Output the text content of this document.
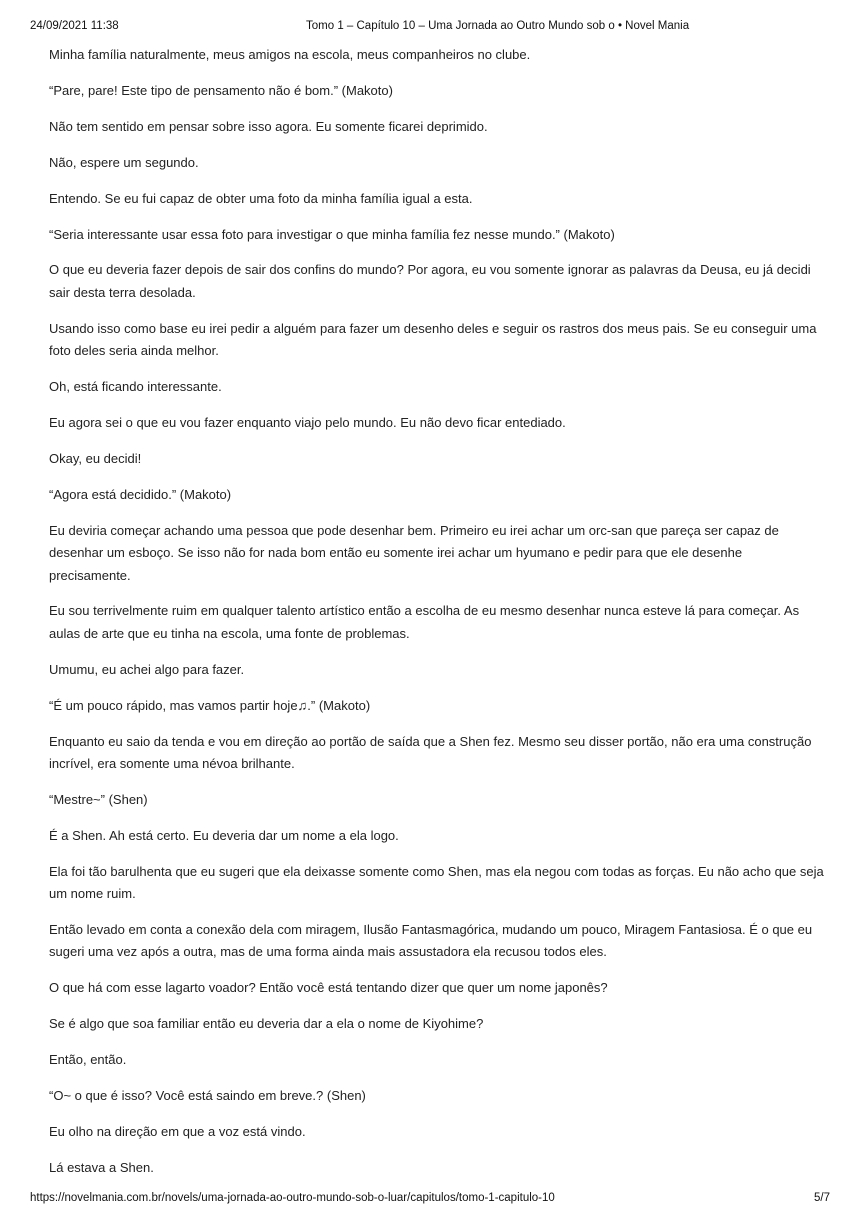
24/09/2021 11:38	Tomo 1 – Capítulo 10 – Uma Jornada ao Outro Mundo sob o • Novel Mania

Minha família naturalmente, meus amigos na escola, meus companheiros no clube.

“Pare, pare! Este tipo de pensamento não é bom.” (Makoto)

Não tem sentido em pensar sobre isso agora. Eu somente ficarei deprimido.

Não, espere um segundo.

Entendo. Se eu fui capaz de obter uma foto da minha família igual a esta.

“Seria interessante usar essa foto para investigar o que minha família fez nesse mundo.” (Makoto)

O que eu deveria fazer depois de sair dos confins do mundo? Por agora, eu vou somente ignorar as palavras da Deusa, eu já decidi sair desta terra desolada.

Usando isso como base eu irei pedir a alguém para fazer um desenho deles e seguir os rastros dos meus pais. Se eu conseguir uma foto deles seria ainda melhor.

Oh, está ficando interessante.

Eu agora sei o que eu vou fazer enquanto viajo pelo mundo. Eu não devo ficar entediado.

Okay, eu decidi!

“Agora está decidido.” (Makoto)

Eu deviria começar achando uma pessoa que pode desenhar bem. Primeiro eu irei achar um orc-san que pareça ser capaz de desenhar um esboço. Se isso não for nada bom então eu somente irei achar um hyumano e pedir para que ele desenhe precisamente.

Eu sou terrivelmente ruim em qualquer talento artístico então a escolha de eu mesmo desenhar nunca esteve lá para começar. As aulas de arte que eu tinha na escola, uma fonte de problemas.

Umumu, eu achei algo para fazer.

“É um pouco rápido, mas vamos partir hoje♫.” (Makoto)

Enquanto eu saio da tenda e vou em direção ao portão de saída que a Shen fez. Mesmo seu disser portão, não era uma construção incrível, era somente uma névoa brilhante.

“Mestre~” (Shen)

É a Shen. Ah está certo. Eu deveria dar um nome a ela logo.

Ela foi tão barulhenta que eu sugeri que ela deixasse somente como Shen, mas ela negou com todas as forças. Eu não acho que seja um nome ruim.

Então levado em conta a conexão dela com miragem, Ilusão Fantasmagórica, mudando um pouco, Miragem Fantasiosa. É o que eu sugeri uma vez após a outra, mas de uma forma ainda mais assustadora ela recusou todos eles.

O que há com esse lagarto voador? Então você está tentando dizer que quer um nome japonês?

Se é algo que soa familiar então eu deveria dar a ela o nome de Kiyohime?

Então, então.

“O~ o que é isso? Você está saindo em breve.? (Shen)

Eu olho na direção em que a voz está vindo.

Lá estava a Shen.

https://novelmania.com.br/novels/uma-jornada-ao-outro-mundo-sob-o-luar/capitulos/tomo-1-capitulo-10	5/7
